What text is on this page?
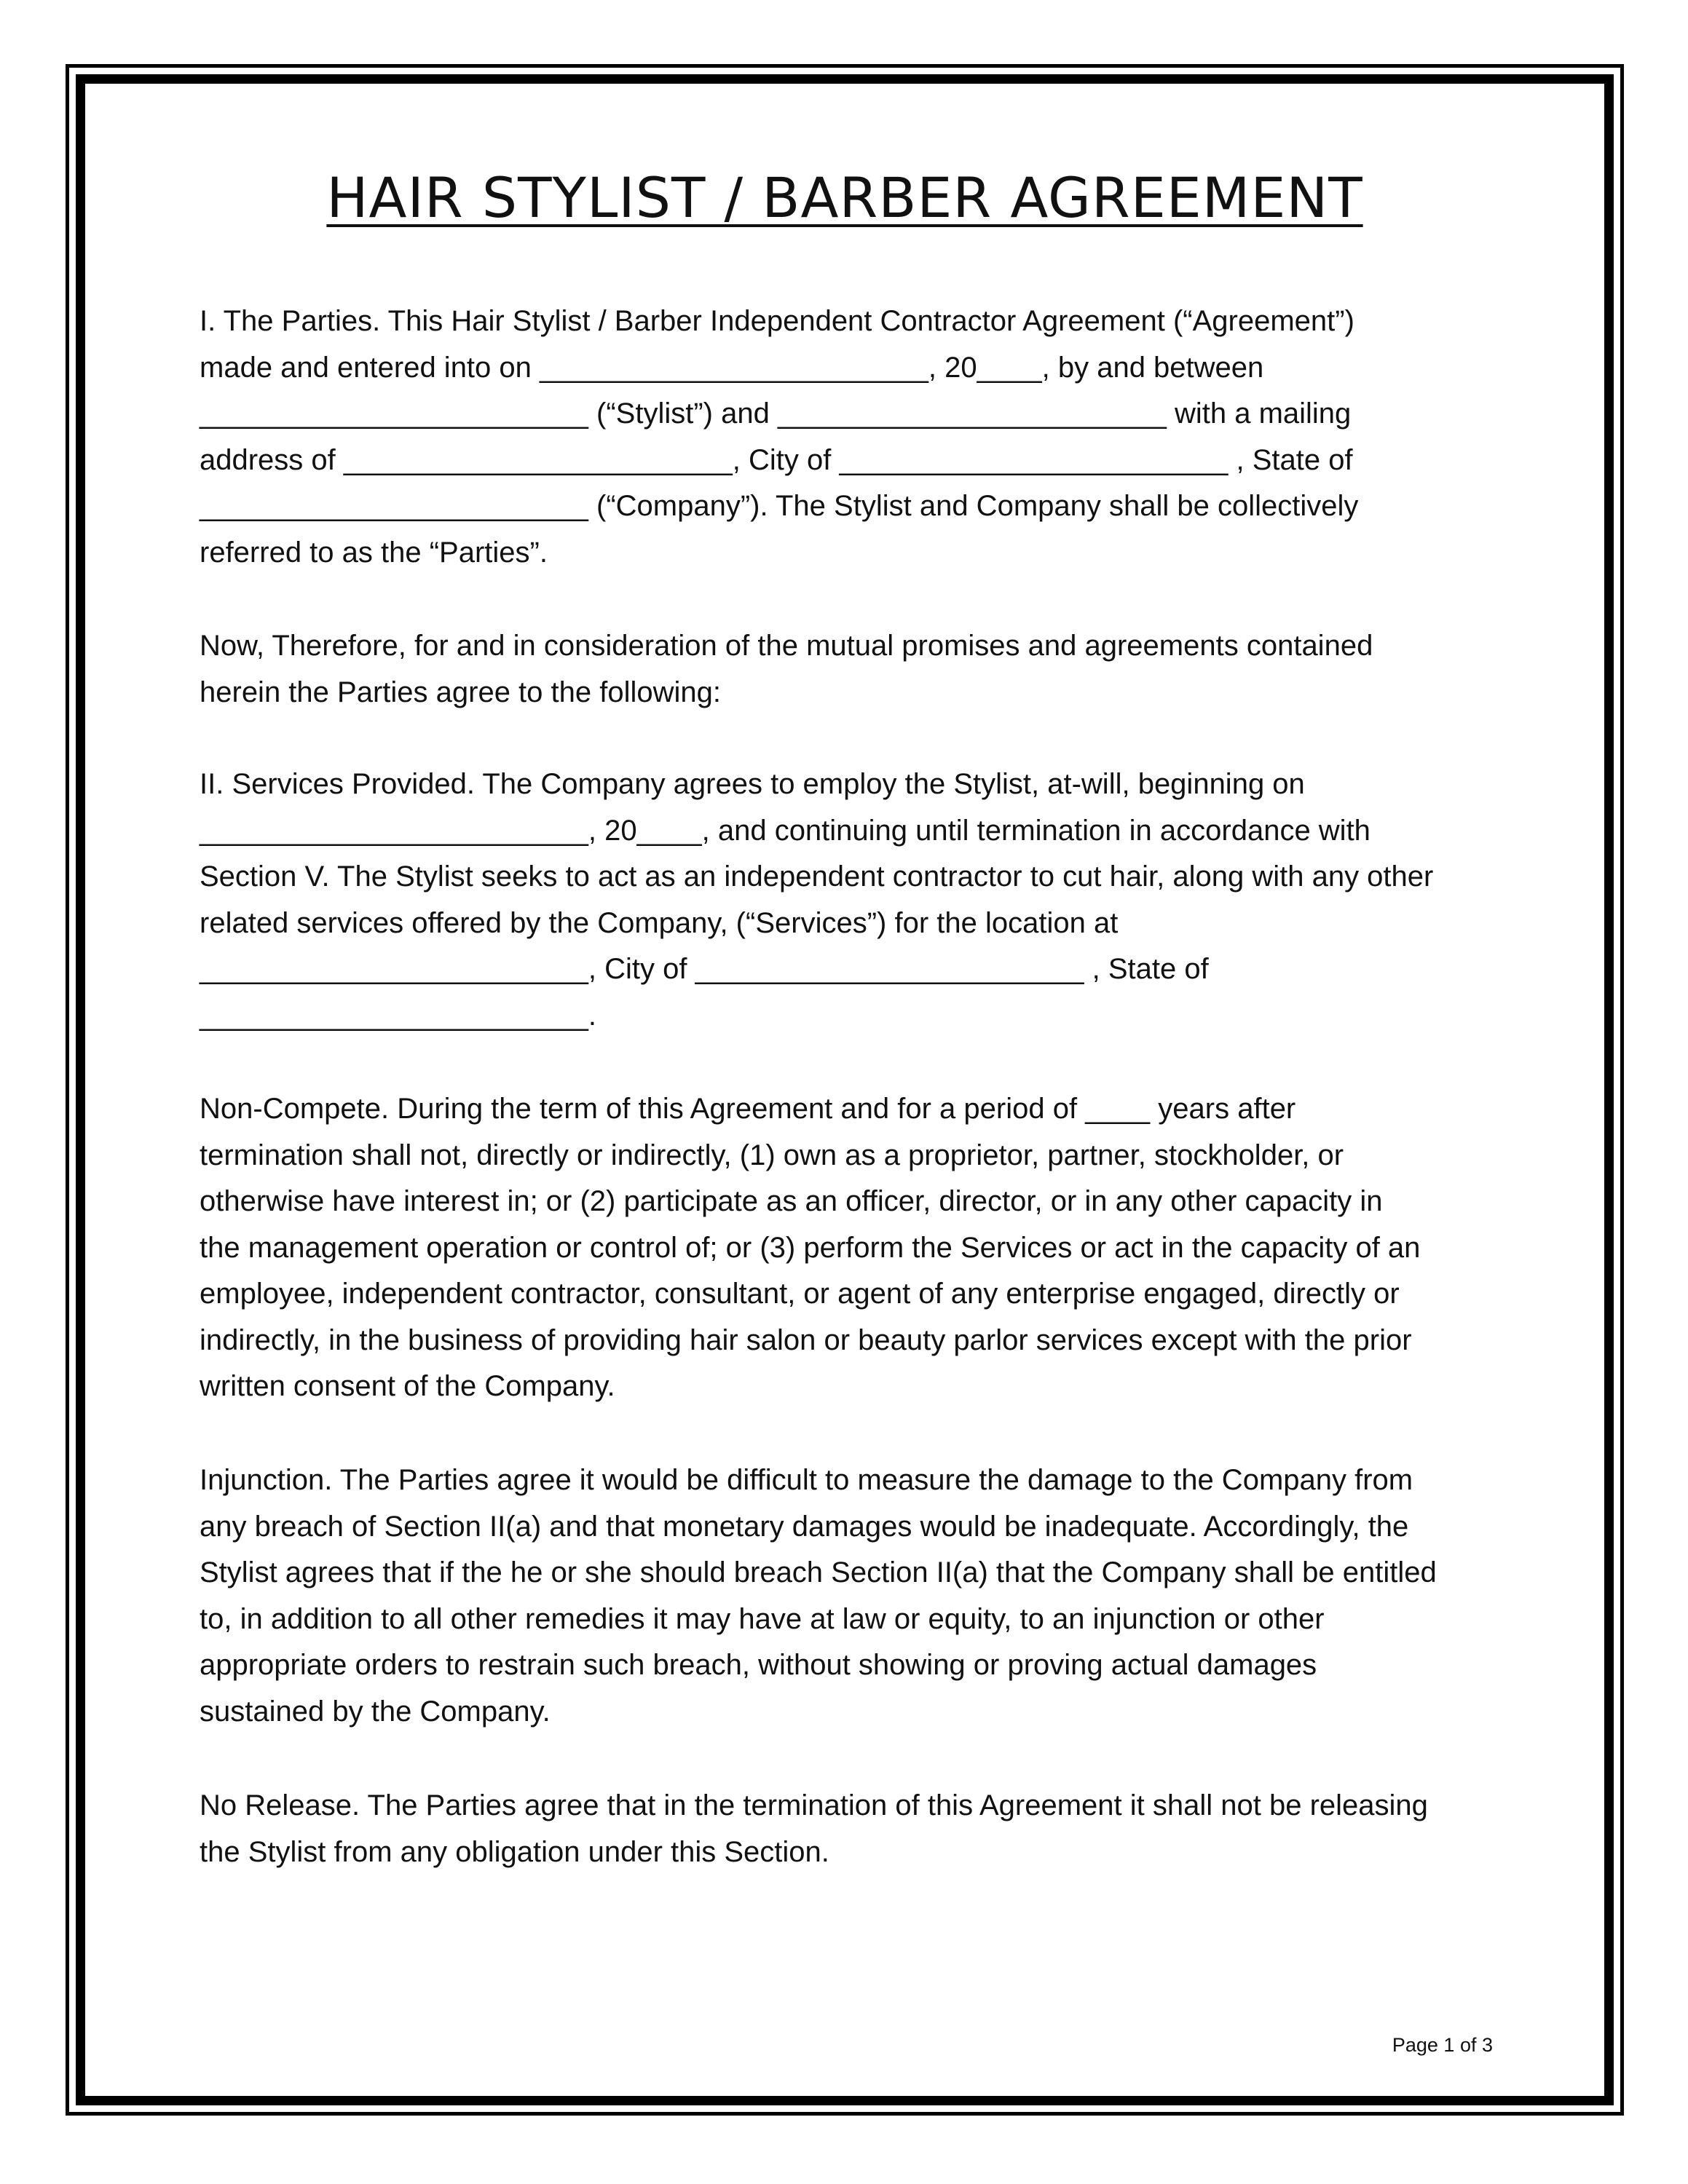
HAIR STYLIST / BARBER AGREEMENT
I. The Parties. This Hair Stylist / Barber Independent Contractor Agreement (“Agreement”)
made and entered into on ________________________, 20____, by and between
________________________ (“Stylist”) and ________________________ with a mailing
address of ________________________, City of ________________________ , State of
________________________ (“Company”). The Stylist and Company shall be collectively
referred to as the “Parties”.
Now, Therefore, for and in consideration of the mutual promises and agreements contained
herein the Parties agree to the following:
II. Services Provided. The Company agrees to employ the Stylist, at-will, beginning on
________________________, 20____, and continuing until termination in accordance with
Section V. The Stylist seeks to act as an independent contractor to cut hair, along with any other
related services offered by the Company, (“Services”) for the location at
________________________, City of ________________________ , State of
________________________.
Non-Compete. During the term of this Agreement and for a period of ____ years after
termination shall not, directly or indirectly, (1) own as a proprietor, partner, stockholder, or
otherwise have interest in; or (2) participate as an officer, director, or in any other capacity in
the management operation or control of; or (3) perform the Services or act in the capacity of an
employee, independent contractor, consultant, or agent of any enterprise engaged, directly or
indirectly, in the business of providing hair salon or beauty parlor services except with the prior
written consent of the Company.
Injunction. The Parties agree it would be difficult to measure the damage to the Company from
any breach of Section II(a) and that monetary damages would be inadequate. Accordingly, the
Stylist agrees that if the he or she should breach Section II(a) that the Company shall be entitled
to, in addition to all other remedies it may have at law or equity, to an injunction or other
appropriate orders to restrain such breach, without showing or proving actual damages
sustained by the Company.
No Release. The Parties agree that in the termination of this Agreement it shall not be releasing
the Stylist from any obligation under this Section.
Page 1 of 3
